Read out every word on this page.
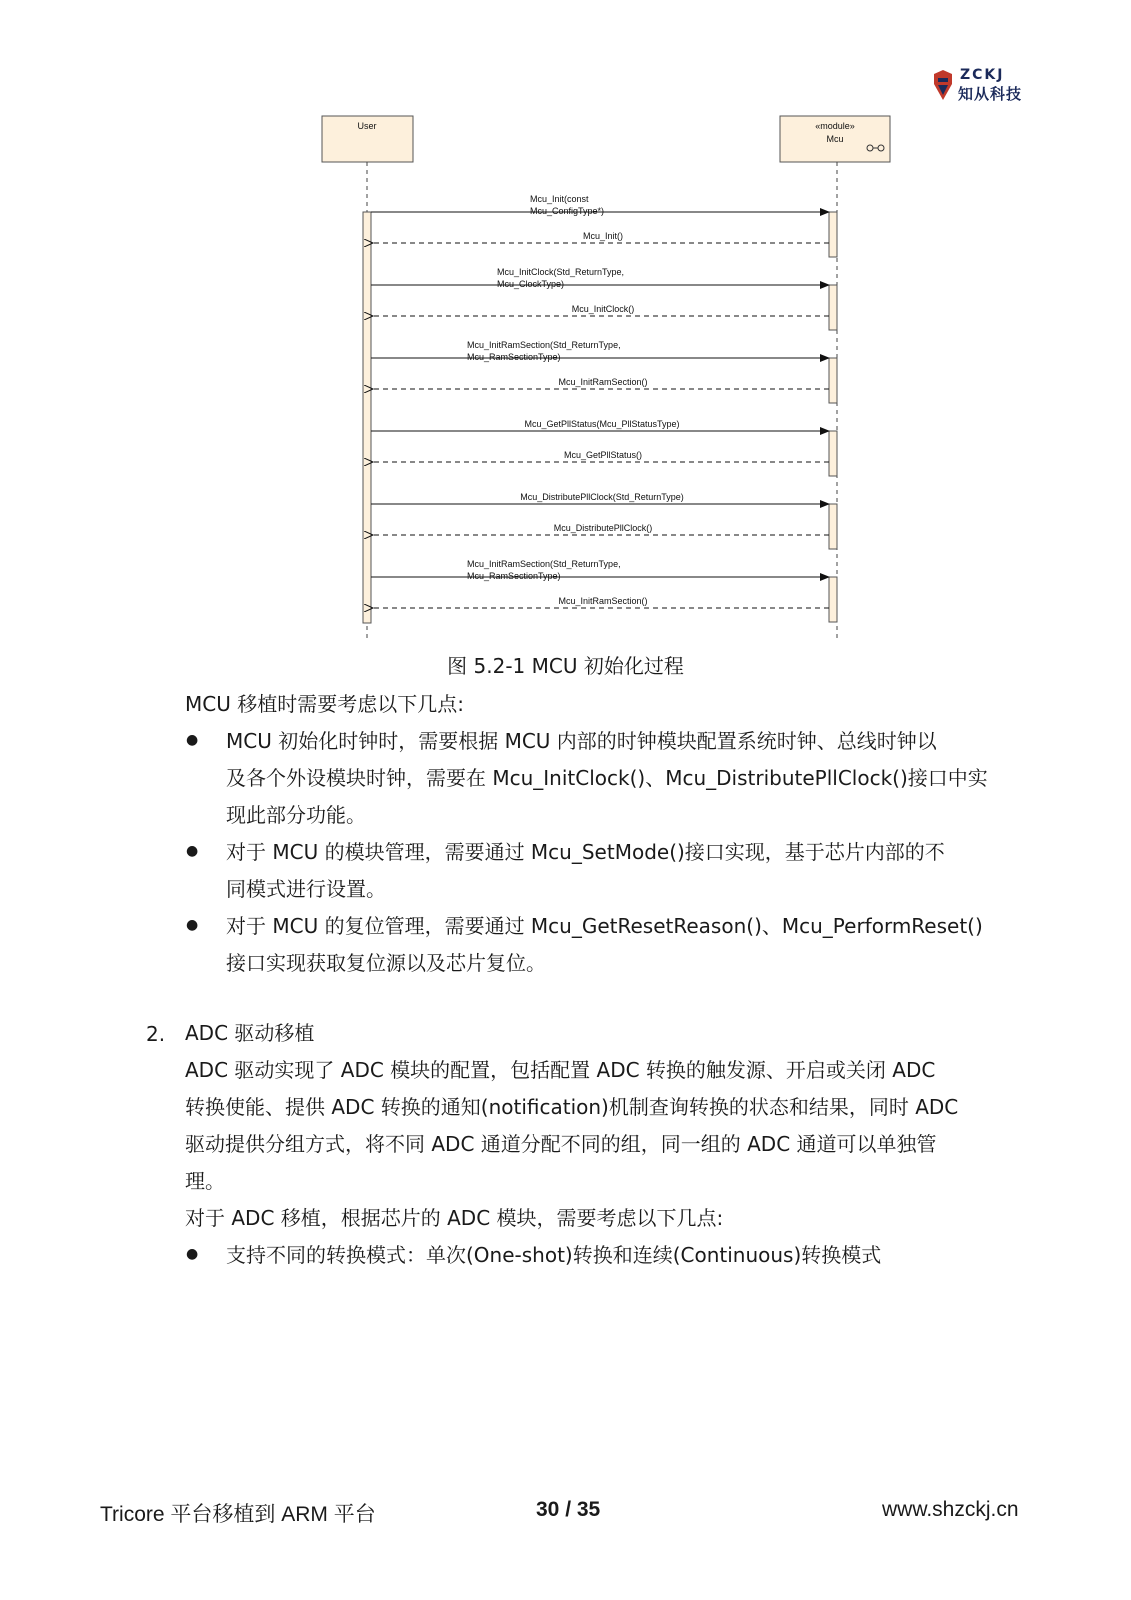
ZCKJ
知从科技
User	«module»
Mcu
Mcu_Init(const
Mcu_ConfigType*)
Mcu_Init()
Mcu_InitClock(Std_ReturnType,
Mcu_ClockType)
Mcu_InitClock()
Mcu_InitRamSection(Std_ReturnType,
Mcu_RamSectionType)
Mcu_InitRamSection()
Mcu_GetPllStatus(Mcu_PllStatusType)
Mcu_GetPllStatus()
Mcu_DistributePllClock(Std_ReturnType)
Mcu_DistributePllClock()
Mcu_InitRamSection(Std_ReturnType,
Mcu_RamSectionType)
Mcu_InitRamSection()
图 5.2-1 MCU 初始化过程
MCU 移植时需要考虑以下几点:
● MCU 初始化时钟时，需要根据 MCU 内部的时钟模块配置系统时钟、总线时钟以
及各个外设模块时钟，需要在 Mcu_InitClock()、Mcu_DistributePllClock()接口中实
现此部分功能。
● 对于 MCU 的模块管理，需要通过 Mcu_SetMode()接口实现，基于芯片内部的不
同模式进行设置。
● 对于 MCU 的复位管理，需要通过 Mcu_GetResetReason()、Mcu_PerformReset()
接口实现获取复位源以及芯片复位。
2. ADC 驱动移植
ADC 驱动实现了 ADC 模块的配置，包括配置 ADC 转换的触发源、开启或关闭 ADC
转换使能、提供 ADC 转换的通知(notification)机制查询转换的状态和结果，同时 ADC
驱动提供分组方式，将不同 ADC 通道分配不同的组，同一组的 ADC 通道可以单独管
理。
对于 ADC 移植，根据芯片的 ADC 模块，需要考虑以下几点:
● 支持不同的转换模式：单次(One-shot)转换和连续(Continuous)转换模式
Tricore 平台移植到 ARM 平台	30 / 35	www.shzckj.cn
